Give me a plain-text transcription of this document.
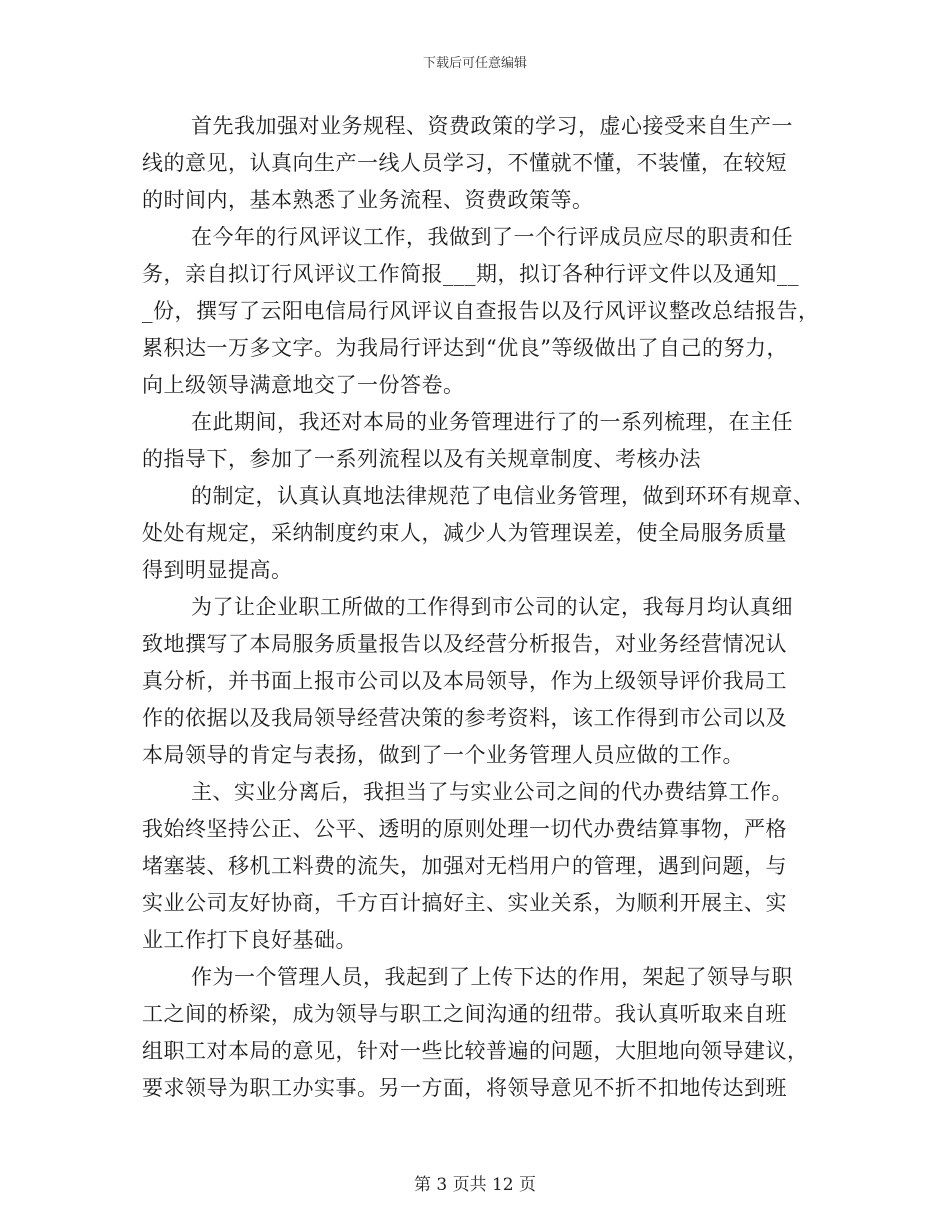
下载后可任意编辑
首先我加强对业务规程、资费政策的学习，虚心接受来自生产一
线的意见，认真向生产一线人员学习，不懂就不懂，不装懂，在较短
的时间内，基本熟悉了业务流程、资费政策等。
在今年的行风评议工作，我做到了一个行评成员应尽的职责和任
务，亲自拟订行风评议工作简报___期，拟订各种行评文件以及通知__
_份，撰写了云阳电信局行风评议自查报告以及行风评议整改总结报告，
累积达一万多文字。为我局行评达到“优良”等级做出了自己的努力，
向上级领导满意地交了一份答卷。
在此期间，我还对本局的业务管理进行了的一系列梳理，在主任
的指导下，参加了一系列流程以及有关规章制度、考核办法
的制定，认真认真地法律规范了电信业务管理，做到环环有规章、
处处有规定，采纳制度约束人，减少人为管理误差，使全局服务质量
得到明显提高。
为了让企业职工所做的工作得到市公司的认定，我每月均认真细
致地撰写了本局服务质量报告以及经营分析报告，对业务经营情况认
真分析，并书面上报市公司以及本局领导，作为上级领导评价我局工
作的依据以及我局领导经营决策的参考资料，该工作得到市公司以及
本局领导的肯定与表扬，做到了一个业务管理人员应做的工作。
主、实业分离后，我担当了与实业公司之间的代办费结算工作。
我始终坚持公正、公平、透明的原则处理一切代办费结算事物，严格
堵塞装、移机工料费的流失，加强对无档用户的管理，遇到问题，与
实业公司友好协商，千方百计搞好主、实业关系，为顺利开展主、实
业工作打下良好基础。
作为一个管理人员，我起到了上传下达的作用，架起了领导与职
工之间的桥梁，成为领导与职工之间沟通的纽带。我认真听取来自班
组职工对本局的意见，针对一些比较普遍的问题，大胆地向领导建议，
要求领导为职工办实事。另一方面，将领导意见不折不扣地传达到班
第 3 页共 12 页
